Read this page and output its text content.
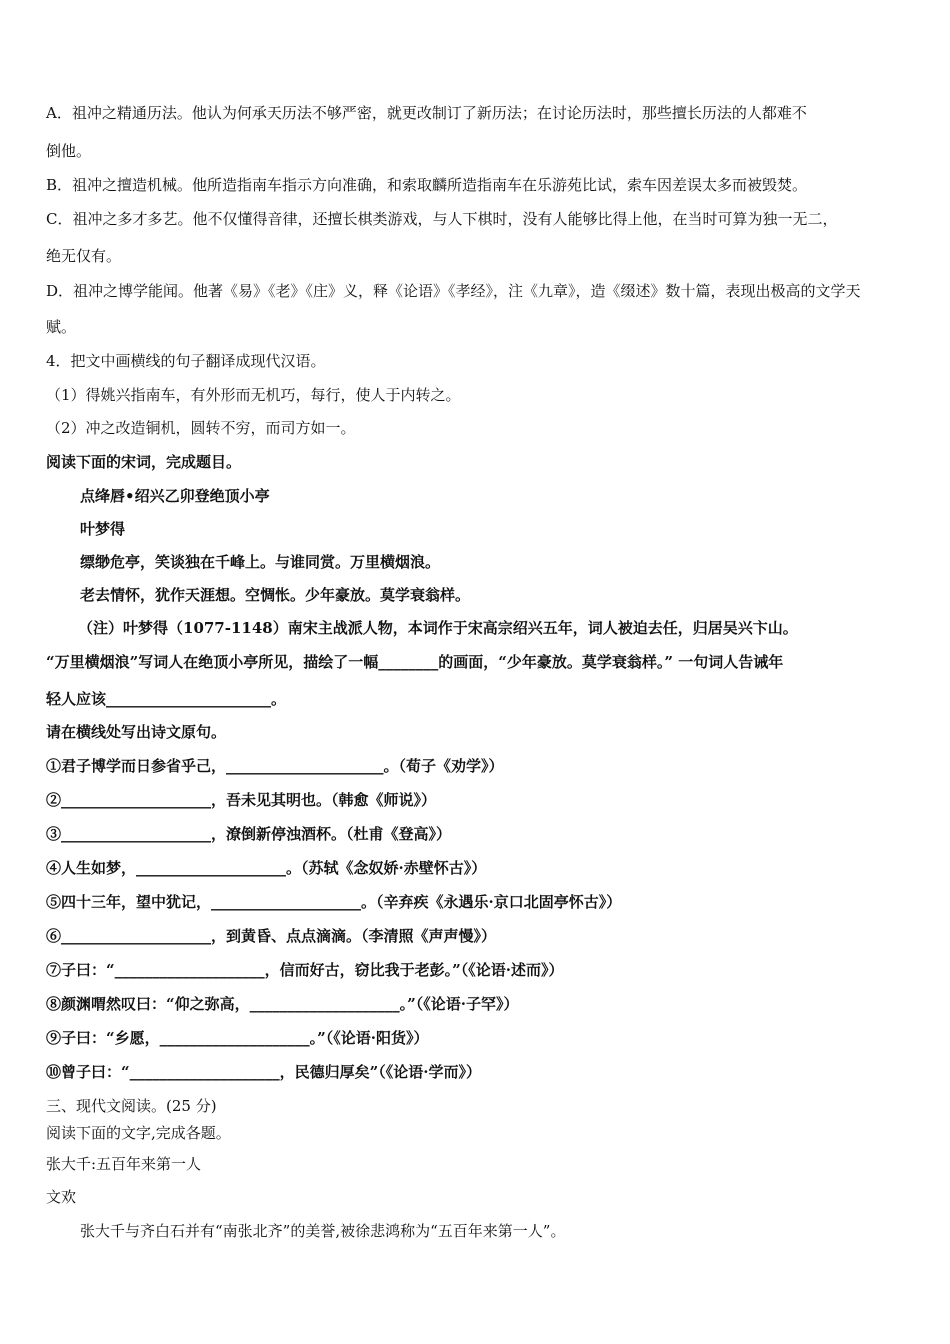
A．祖冲之精通历法。他认为何承天历法不够严密，就更改制订了新历法；在讨论历法时，那些擅长历法的人都难不
倒他。
B．祖冲之擅造机械。他所造指南车指示方向准确，和索取麟所造指南车在乐游苑比试，索车因差误太多而被毁焚。
C．祖冲之多才多艺。他不仅懂得音律，还擅长棋类游戏，与人下棋时，没有人能够比得上他，在当时可算为独一无二，
绝无仅有。
D．祖冲之博学能闻。他著《易》《老》《庄》义，释《论语》《孝经》，注《九章》，造《缀述》数十篇，表现出极高的文学天
赋。
4．把文中画横线的句子翻译成现代汉语。
（1）得姚兴指南车，有外形而无机巧，每行，使人于内转之。
（2）冲之改造铜机，圆转不穷，而司方如一。
阅读下面的宋词，完成题目。
点绛唇•绍兴乙卯登绝顶小亭
叶梦得
缥缈危亭，笑谈独在千峰上。与谁同赏。万里横烟浪。
老去情怀，犹作天涯想。空惆怅。少年豪放。莫学衰翁样。
（注）叶梦得（1077-1148）南宋主战派人物，本词作于宋高宗绍兴五年，词人被迫去任，归居吴兴卞山。
“万里横烟浪”写词人在绝顶小亭所见，描绘了一幅________的画面，“少年豪放。莫学衰翁样。” 一句词人告诫年
轻人应该______________________。
请在横线处写出诗文原句。
①君子博学而日参省乎己，_____________________。（荀子《劝学》）
②____________________，吾未见其明也。（韩愈《师说》）
③____________________，潦倒新停浊酒杯。（杜甫《登高》）
④人生如梦，____________________。（苏轼《念奴娇·赤壁怀古》）
⑤四十三年，望中犹记，____________________。（辛弃疾《永遇乐·京口北固亭怀古》）
⑥____________________，到黄昏、点点滴滴。（李清照《声声慢》）
⑦子曰：“____________________，信而好古，窃比我于老彭。”（《论语·述而》）
⑧颜渊喟然叹曰：“仰之弥高，____________________。”（《论语·子罕》）
⑨子曰：“乡愿，____________________。”（《论语·阳货》）
⑩曾子曰：“____________________，民德归厚矣”（《论语·学而》）
三、现代文阅读。(25 分)
阅读下面的文字,完成各题。
张大千:五百年来第一人
文欢
张大千与齐白石并有“南张北齐”的美誉,被徐悲鸿称为“五百年来第一人”。
